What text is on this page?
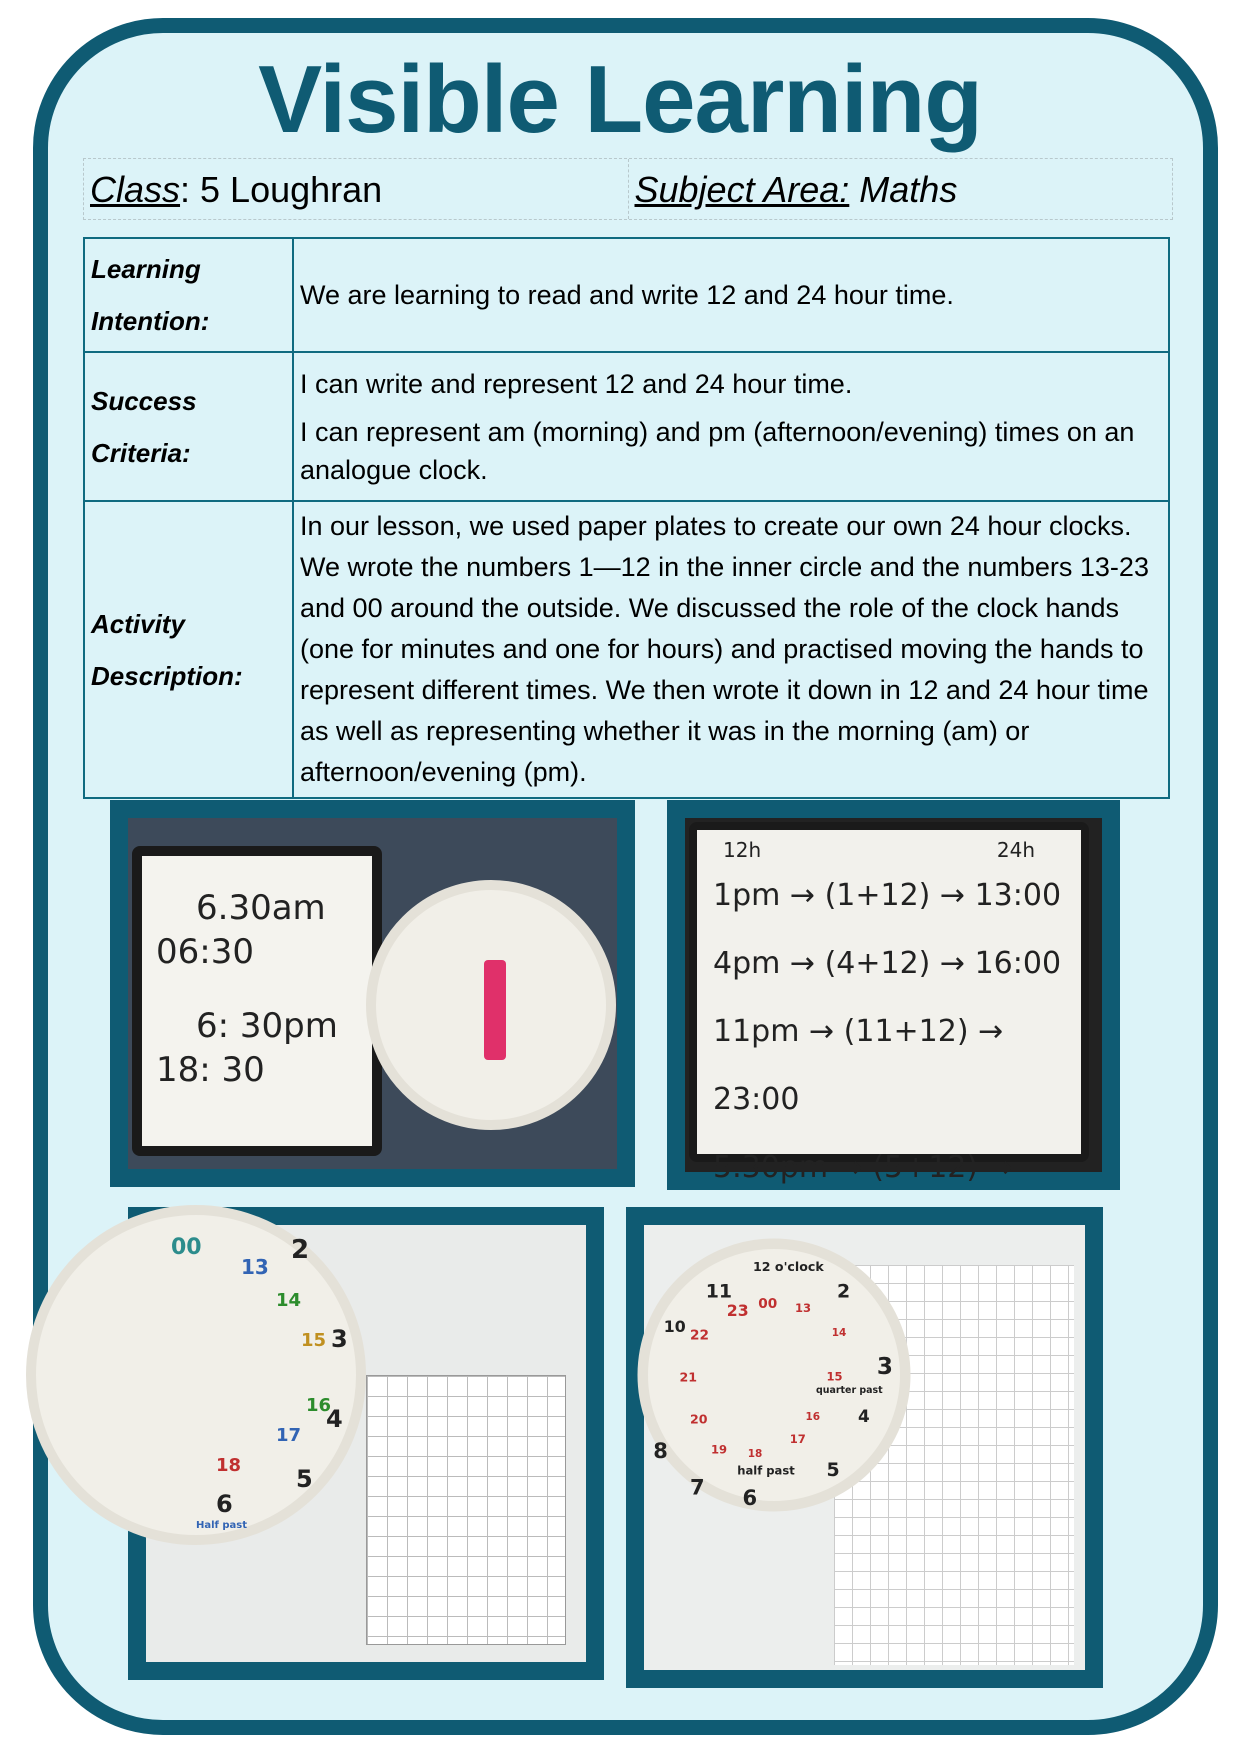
Visible Learning
Class: 5 Loughran	Subject Area: Maths
Learning Intention:	We are learning to read and write 12 and 24 hour time.
Success Criteria:	I can write and represent 12 and 24 hour time.
I can represent am (morning) and pm (afternoon/evening) times on an analogue clock.

Activity Description:	In our lesson, we used paper plates to create our own 24 hour clocks. We wrote the numbers 1—12 in the inner circle and the numbers 13-23 and 00 around the outside. We discussed the role of the clock hands (one for minutes and one for hours) and practised moving the hands to represent different times. We then wrote it down in 12 and 24 hour time as well as representing whether it was in the morning (am) or afternoon/evening (pm).
6.30am
06:30
6: 30pm
18: 30
12h	24h
1pm → (1+12) → 13:00
4pm → (4+12) → 16:00
11pm → (11+12) → 23:00
5.30pm → (5+12) →
00
13
2
14
15 3
16
17
4
18 5
6
Half past
12 o'clock
11
23 00 13
2
10 22	14
3
21	15
quarter past
20	16 4
19 18
17
half past 5
8
7 6
